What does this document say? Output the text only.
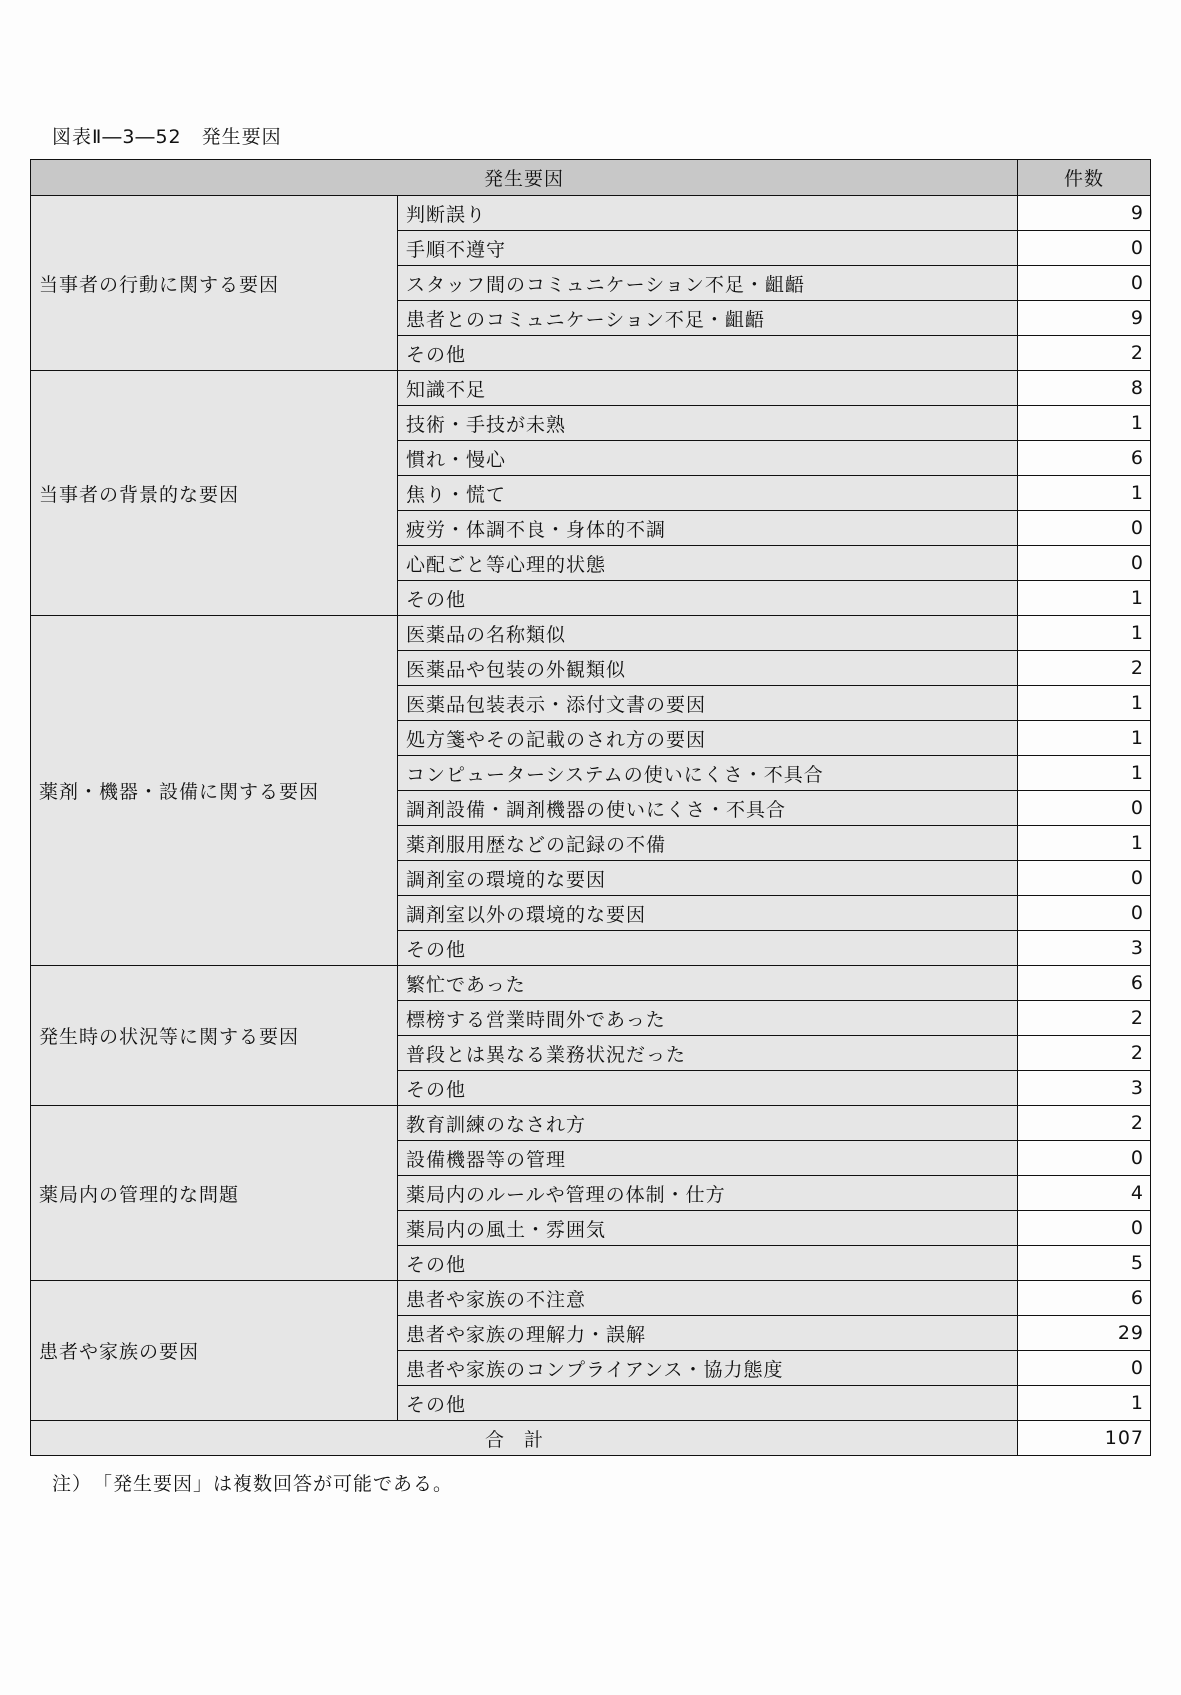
図表Ⅱ―3―52　発生要因
発生要因		件数
当事者の行動に関する要因	判断誤り	9
	手順不遵守	0
	スタッフ間のコミュニケーション不足・齟齬	0
	患者とのコミュニケーション不足・齟齬	9
	その他	2
当事者の背景的な要因	知識不足	8
	技術・手技が未熟	1
	慣れ・慢心	6
	焦り・慌て	1
	疲労・体調不良・身体的不調	0
	心配ごと等心理的状態	0
	その他	1
薬剤・機器・設備に関する要因	医薬品の名称類似	1
	医薬品や包装の外観類似	2
	医薬品包装表示・添付文書の要因	1
	処方箋やその記載のされ方の要因	1
	コンピューターシステムの使いにくさ・不具合	1
	調剤設備・調剤機器の使いにくさ・不具合	0
	薬剤服用歴などの記録の不備	1
	調剤室の環境的な要因	0
	調剤室以外の環境的な要因	0
	その他	3
発生時の状況等に関する要因	繁忙であった	6
	標榜する営業時間外であった	2
	普段とは異なる業務状況だった	2
	その他	3
薬局内の管理的な問題	教育訓練のなされ方	2
	設備機器等の管理	0
	薬局内のルールや管理の体制・仕方	4
	薬局内の風土・雰囲気	0
	その他	5
患者や家族の要因	患者や家族の不注意	6
	患者や家族の理解力・誤解	29
	患者や家族のコンプライアンス・協力態度	0
	その他	1
合計		107
注）　「発生要因」は複数回答が可能である。
